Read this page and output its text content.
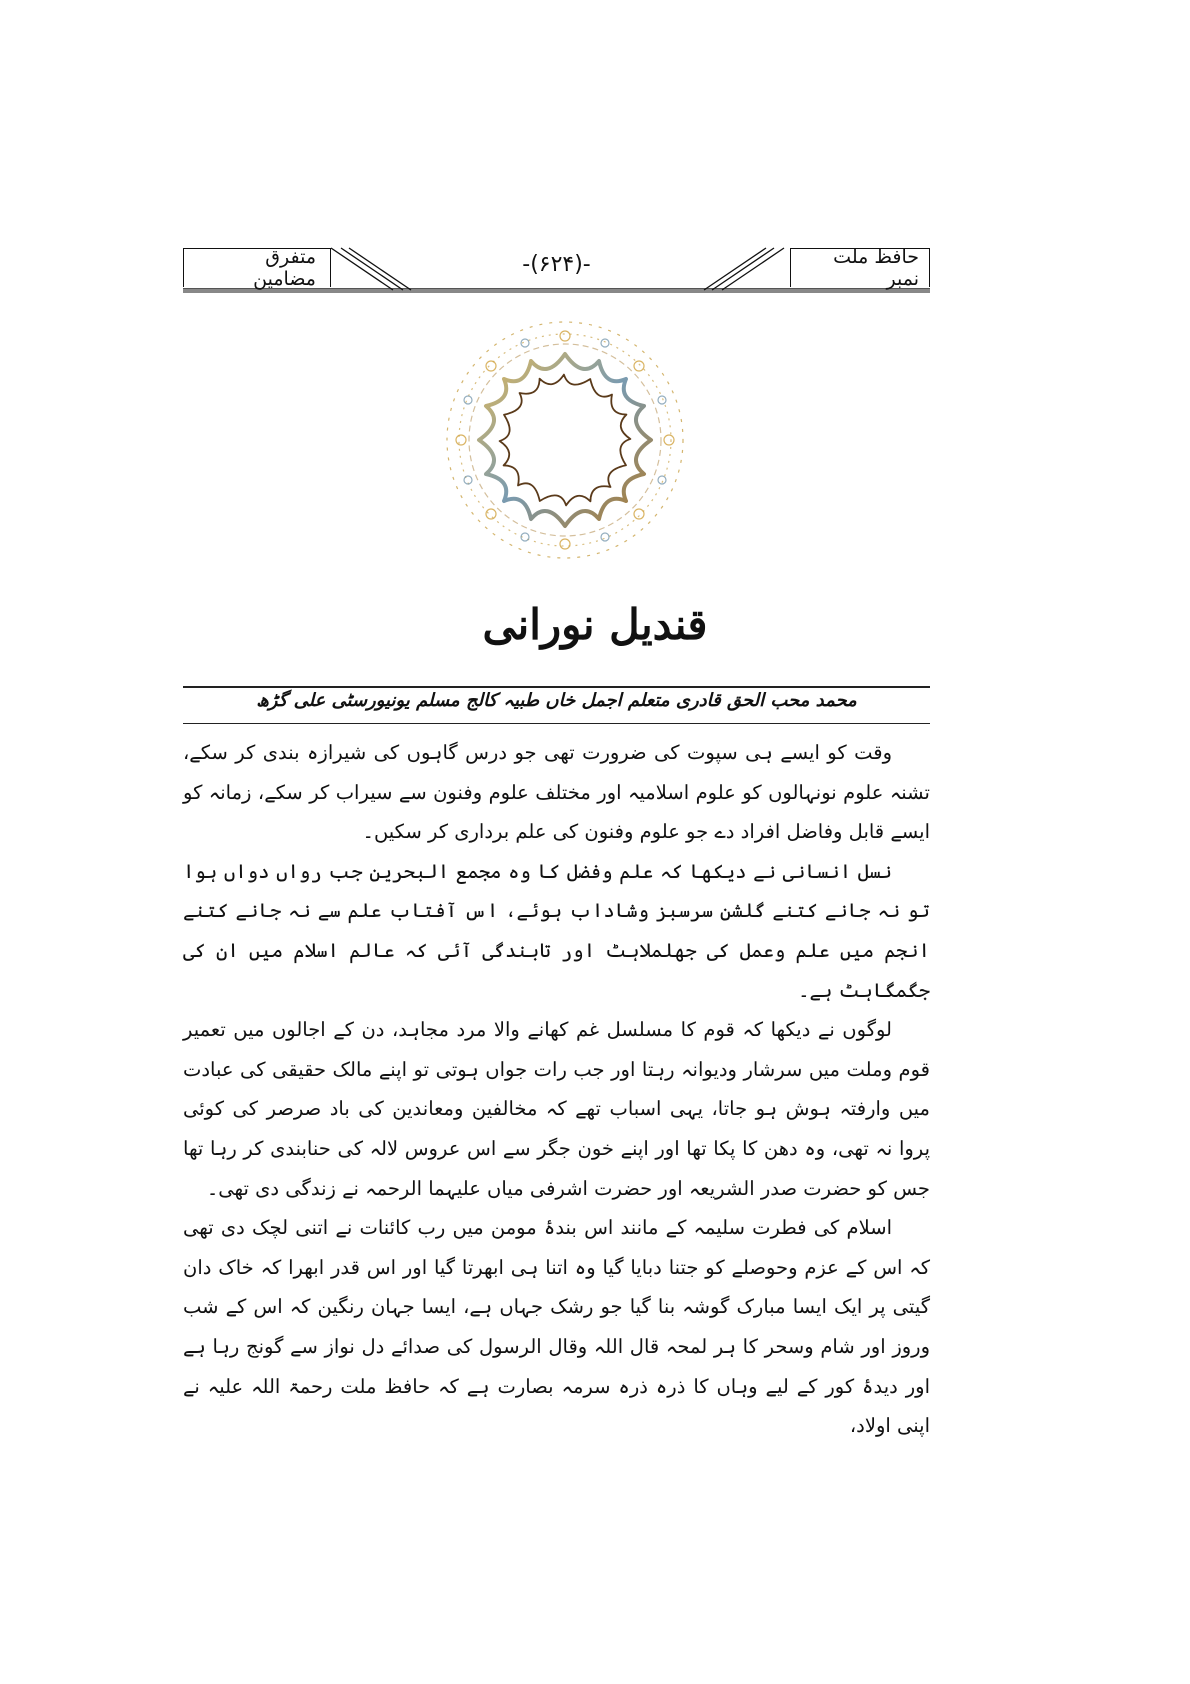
متفرق مضامین
-(۶۲۴)-	حافظ ملت نمبر
قندیل نورانی
محمد محب الحق قادری متعلم اجمل خاں طبیہ کالج مسلم یونیورسٹی علی گڑھ

وقت کو ایسے ہی سپوت کی ضرورت تھی جو درس گاہوں کی شیرازہ بندی کر سکے، تشنہ علوم نونہالوں کو علوم اسلامیہ اور مختلف علوم وفنون سے سیراب کر سکے، زمانہ کو ایسے قابل وفاضل افراد دے جو علوم وفنون کی علم برداری کر سکیں۔

نسل انسانی نے دیکھا کہ علم وفضل کا وہ مجمع البحرین جب رواں دواں ہوا تو نہ جانے کتنے گلشن سرسبز وشاداب ہوئے، اس آفتاب علم سے نہ جانے کتنے انجم میں علم وعمل کی جھلملاہٹ اور تابندگی آئی کہ عالم اسلام میں ان کی جگمگاہٹ ہے۔

لوگوں نے دیکھا کہ قوم کا مسلسل غم کھانے والا مرد مجاہد، دن کے اجالوں میں تعمیر قوم وملت میں سرشار ودیوانہ رہتا اور جب رات جواں ہوتی تو اپنے مالک حقیقی کی عبادت میں وارفتہ ہوش ہو جاتا، یہی اسباب تھے کہ مخالفین ومعاندین کی باد صرصر کی کوئی پروا نہ تھی، وہ دھن کا پکا تھا اور اپنے خون جگر سے اس عروس لالہ کی حنابندی کر رہا تھا جس کو حضرت صدر الشریعہ اور حضرت اشرفی میاں علیہما الرحمہ نے زندگی دی تھی۔

اسلام کی فطرت سلیمہ کے مانند اس بندۂ مومن میں رب کائنات نے اتنی لچک دی تھی کہ اس کے عزم وحوصلے کو جتنا دبایا گیا وہ اتنا ہی ابھرتا گیا اور اس قدر ابھرا کہ خاک دان گیتی پر ایک ایسا مبارک گوشہ بنا گیا جو رشک جہاں ہے، ایسا جہان رنگین کہ اس کے شب وروز اور شام وسحر کا ہر لمحہ قال اللہ وقال الرسول کی صدائے دل نواز سے گونج رہا ہے اور دیدۂ کور کے لیے وہاں کا ذرہ ذرہ سرمہ بصارت ہے کہ حافظ ملت رحمۃ اللہ علیہ نے اپنی اولاد،
